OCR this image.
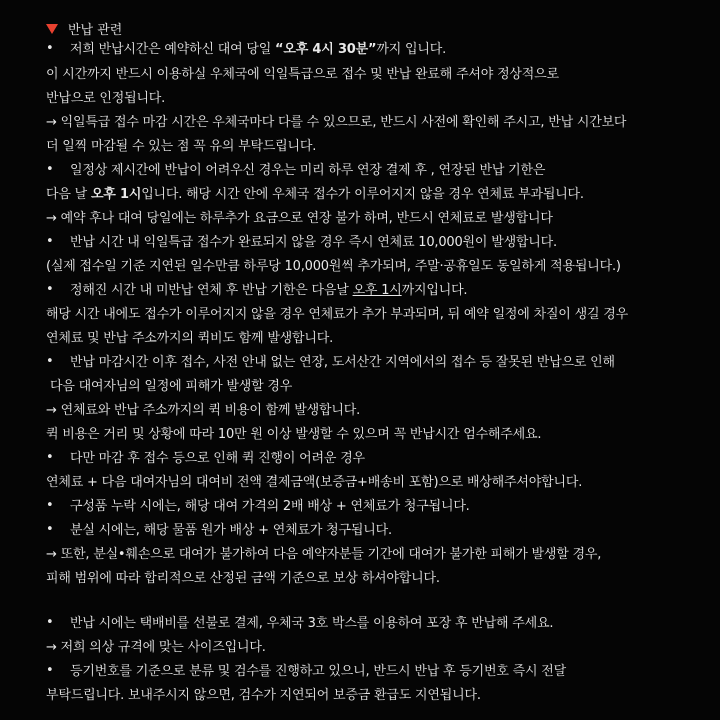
반납 관련
• 저희 반납시간은 예약하신 대여 당일 “오후 4시 30분”까지 입니다.
이 시간까지 반드시 이용하실 우체국에 익일특급으로 접수 및 반납 완료해 주셔야 정상적으로
반납으로 인정됩니다.
→ 익일특급 접수 마감 시간은 우체국마다 다를 수 있으므로, 반드시 사전에 확인해 주시고, 반납 시간보다
더 일찍 마감될 수 있는 점 꼭 유의 부탁드립니다.
• 일정상 제시간에 반납이 어려우신 경우는 미리 하루 연장 결제 후 , 연장된 반납 기한은
다음 날 오후 1시입니다. 해당 시간 안에 우체국 접수가 이루어지지 않을 경우 연체료 부과됩니다.
→ 예약 후나 대여 당일에는 하루추가 요금으로 연장 불가 하며, 반드시 연체료로 발생합니다
• 반납 시간 내 익일특급 접수가 완료되지 않을 경우 즉시 연체료 10,000원이 발생합니다.
(실제 접수일 기준 지연된 일수만큼 하루당 10,000원씩 추가되며, 주말·공휴일도 동일하게 적용됩니다.)
• 정해진 시간 내 미반납 연체 후 반납 기한은 다음날 오후 1시까지입니다.
해당 시간 내에도 접수가 이루어지지 않을 경우 연체료가 추가 부과되며, 뒤 예약 일정에 차질이 생길 경우
연체료 및 반납 주소까지의 퀵비도 함께 발생합니다.
• 반납 마감시간 이후 접수, 사전 안내 없는 연장, 도서산간 지역에서의 접수 등 잘못된 반납으로 인해
다음 대여자님의 일정에 피해가 발생할 경우
→ 연체료와 반납 주소까지의 퀵 비용이 함께 발생합니다.
퀵 비용은 거리 및 상황에 따라 10만 원 이상 발생할 수 있으며 꼭 반납시간 엄수해주세요.
• 다만 마감 후 접수 등으로 인해 퀵 진행이 어려운 경우
연체료 + 다음 대여자님의 대여비 전액 결제금액(보증금+배송비 포함)으로 배상해주셔야합니다.
• 구성품 누락 시에는, 해당 대여 가격의 2배 배상 + 연체료가 청구됩니다.
• 분실 시에는, 해당 물품 원가 배상 + 연체료가 청구됩니다.
→ 또한, 분실•훼손으로 대여가 불가하여 다음 예약자분들 기간에 대여가 불가한 피해가 발생할 경우,
피해 범위에 따라 합리적으로 산정된 금액 기준으로 보상 하셔야합니다.
• 반납 시에는 택배비를 선불로 결제, 우체국 3호 박스를 이용하여 포장 후 반납해 주세요.
→ 저희 의상 규격에 맞는 사이즈입니다.
• 등기번호를 기준으로 분류 및 검수를 진행하고 있으니, 반드시 반납 후 등기번호 즉시 전달
부탁드립니다. 보내주시지 않으면, 검수가 지연되어 보증금 환급도 지연됩니다.
